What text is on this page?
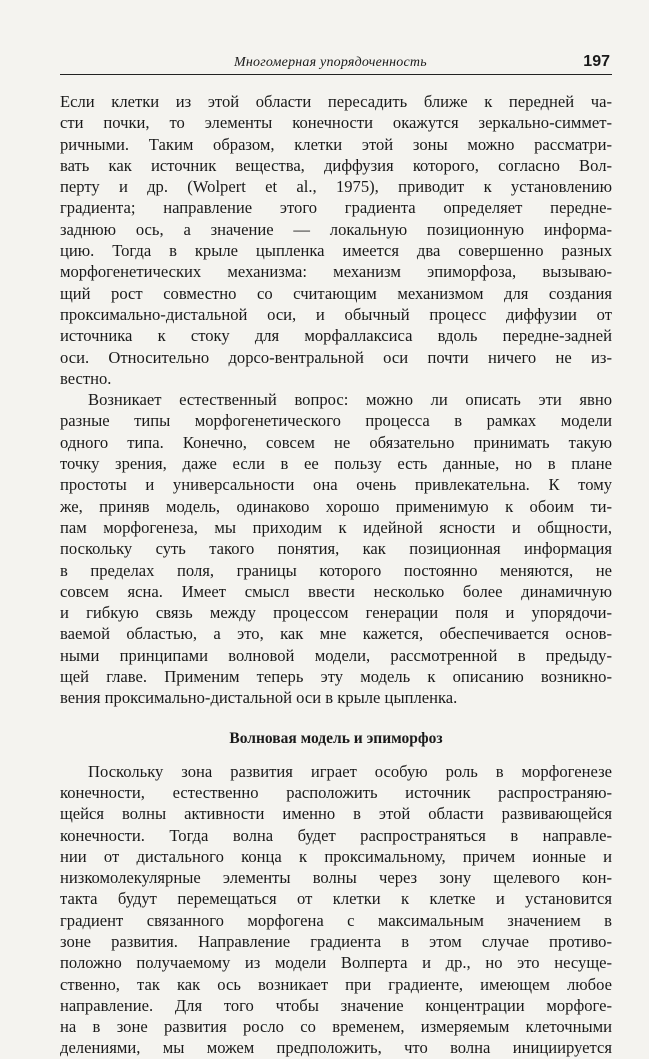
Многомерная упорядоченность	197
Если клетки из этой области пересадить ближе к передней ча-
сти почки, то элементы конечности окажутся зеркально-симмет-
ричными. Таким образом, клетки этой зоны можно рассматри-
вать как источник вещества, диффузия которого, согласно Вол-
перту и др. (Wolpert et al., 1975), приводит к установлению
градиента; направление этого градиента определяет передне-
заднюю ось, а значение — локальную позиционную информа-
цию. Тогда в крыле цыпленка имеется два совершенно разных
морфогенетических механизма: механизм эпиморфоза, вызываю-
щий рост совместно со считающим механизмом для создания
проксимально-дистальной оси, и обычный процесс диффузии от
источника к стоку для морфаллаксиса вдоль передне-задней
оси. Относительно дорсо-вентральной оси почти ничего не из-
вестно.
Возникает естественный вопрос: можно ли описать эти явно
разные типы морфогенетического процесса в рамках модели
одного типа. Конечно, совсем не обязательно принимать такую
точку зрения, даже если в ее пользу есть данные, но в плане
простоты и универсальности она очень привлекательна. К тому
же, приняв модель, одинаково хорошо применимую к обоим ти-
пам морфогенеза, мы приходим к идейной ясности и общности,
поскольку суть такого понятия, как позиционная информация
в пределах поля, границы которого постоянно меняются, не
совсем ясна. Имеет смысл ввести несколько более динамичную
и гибкую связь между процессом генерации поля и упорядочи-
ваемой областью, а это, как мне кажется, обеспечивается основ-
ными принципами волновой модели, рассмотренной в предыду-
щей главе. Применим теперь эту модель к описанию возникно-
вения проксимально-дистальной оси в крыле цыпленка.
Волновая модель и эпиморфоз
Поскольку зона развития играет особую роль в морфогенезе
конечности, естественно расположить источник распространяю-
щейся волны активности именно в этой области развивающейся
конечности. Тогда волна будет распространяться в направле-
нии от дистального конца к проксимальному, причем ионные и
низкомолекулярные элементы волны через зону щелевого кон-
такта будут перемещаться от клетки к клетке и установится
градиент связанного морфогена с максимальным значением в
зоне развития. Направление градиента в этом случае противо-
положно получаемому из модели Волперта и др., но это несуще-
ственно, так как ось возникает при градиенте, имеющем любое
направление. Для того чтобы значение концентрации морфоге-
на в зоне развития росло со временем, измеряемым клеточными
делениями, мы можем предположить, что волна инициируется
